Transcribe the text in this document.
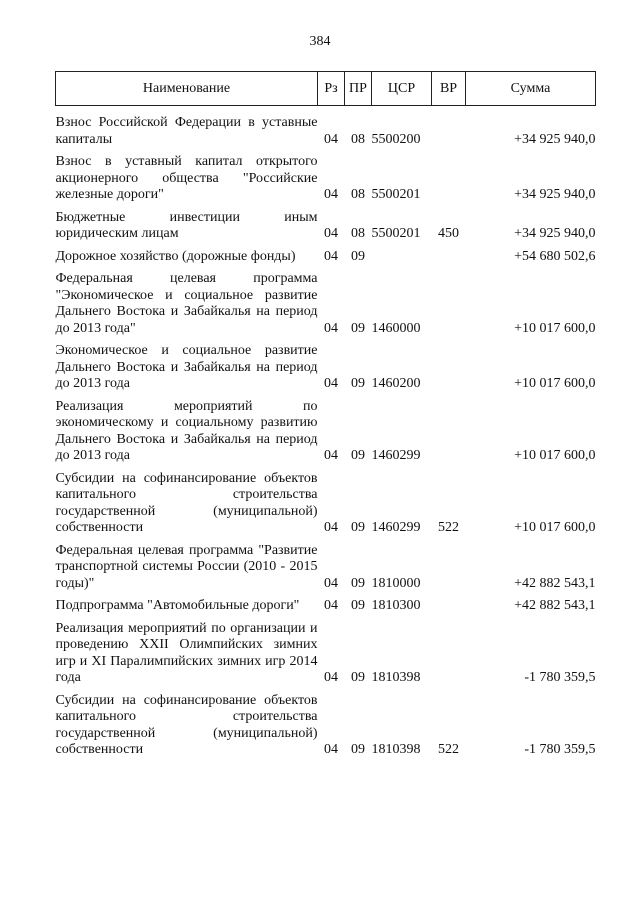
384
Наименование	Рз	ПР	ЦСР	ВР	Сумма

Взнос Российской Федерации в уставные капиталы	04	08	5500200		+34 925 940,0
Взнос в уставный капитал открытого акционерного общества "Российские железные дороги"	04	08	5500201		+34 925 940,0
Бюджетные инвестиции иным юридическим лицам	04	08	5500201	450	+34 925 940,0
Дорожное хозяйство (дорожные фонды)	04	09			+54 680 502,6
Федеральная целевая программа "Экономическое и социальное развитие Дальнего Востока и Забайкалья на период до 2013 года"	04	09	1460000		+10 017 600,0
Экономическое и социальное развитие Дальнего Востока и Забайкалья на период до 2013 года	04	09	1460200		+10 017 600,0
Реализация мероприятий по экономическому и социальному развитию Дальнего Востока и Забайкалья на период до 2013 года	04	09	1460299		+10 017 600,0
Субсидии на софинансирование объектов капитального строительства государственной (муниципальной) собственности	04	09	1460299	522	+10 017 600,0
Федеральная целевая программа "Развитие транспортной системы России (2010 - 2015 годы)"	04	09	1810000		+42 882 543,1
Подпрограмма "Автомобильные дороги"	04	09	1810300		+42 882 543,1
Реализация мероприятий по организации и проведению XXII Олимпийских зимних игр и XI Паралимпийских зимних игр 2014 года	04	09	1810398		-1 780 359,5
Субсидии на софинансирование объектов капитального строительства государственной (муниципальной) собственности	04	09	1810398	522	-1 780 359,5
